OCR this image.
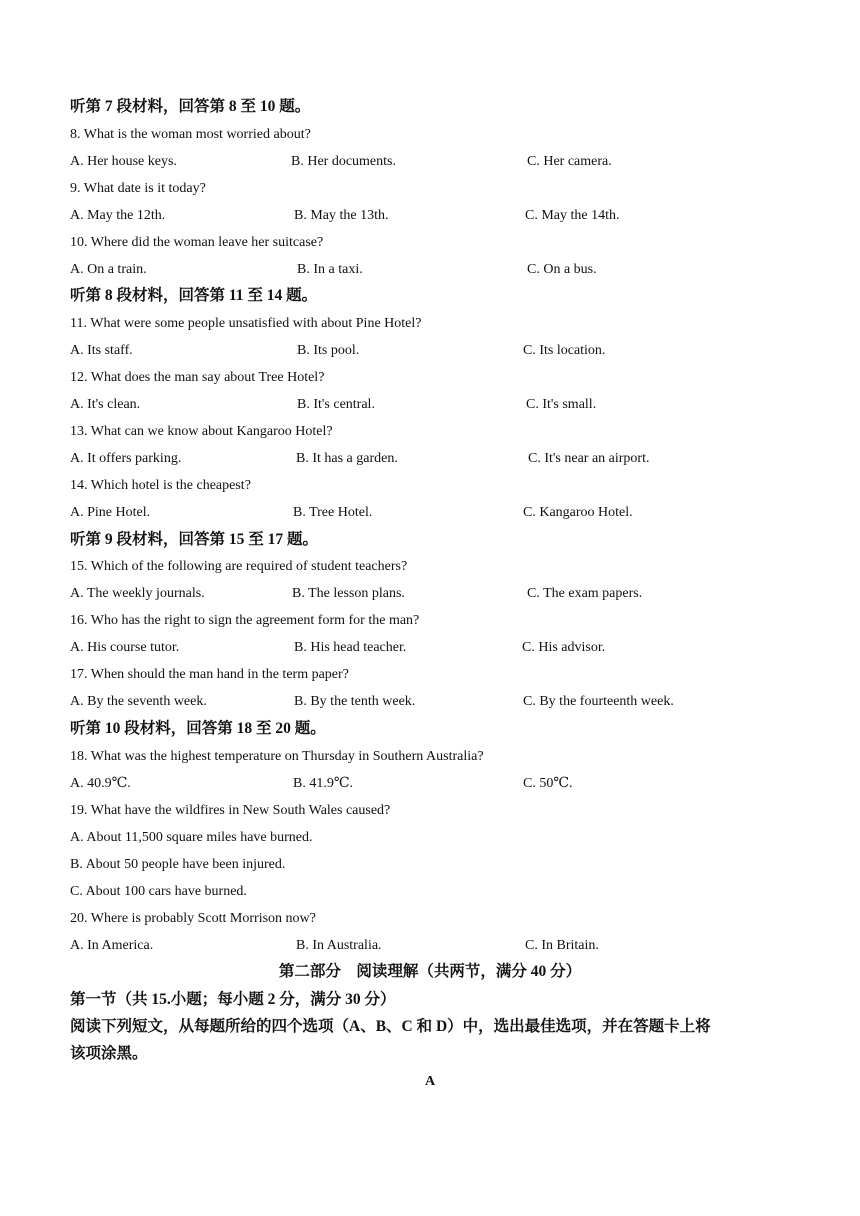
听第 7 段材料，回答第 8 至 10 题。
8. What is the woman most worried about?
A. Her house keys.	B. Her documents.	C. Her camera.
9. What date is it today?
A. May the 12th.	B. May the 13th.	C. May the 14th.
10. Where did the woman leave her suitcase?
A. On a train.	B. In a taxi.	C. On a bus.
听第 8 段材料，回答第 11 至 14 题。
11. What were some people unsatisfied with about Pine Hotel?
A. Its staff.	B. Its pool.	C. Its location.
12. What does the man say about Tree Hotel?
A. It's clean.	B. It's central.	C. It's small.
13. What can we know about Kangaroo Hotel?
A. It offers parking.	B. It has a garden.	C. It's near an airport.
14. Which hotel is the cheapest?
A. Pine Hotel.	B. Tree Hotel.	C. Kangaroo Hotel.
听第 9 段材料，回答第 15 至 17 题。
15. Which of the following are required of student teachers?
A. The weekly journals.	B. The lesson plans.	C. The exam papers.
16. Who has the right to sign the agreement form for the man?
A. His course tutor.	B. His head teacher.	C. His advisor.
17. When should the man hand in the term paper?
A. By the seventh week.	B. By the tenth week.	C. By the fourteenth week.
听第 10 段材料，回答第 18 至 20 题。
18. What was the highest temperature on Thursday in Southern Australia?
A. 40.9℃.	B. 41.9℃.	C. 50℃.
19. What have the wildfires in New South Wales caused?
A. About 11,500 square miles have burned.
B. About 50 people have been injured.
C. About 100 cars have burned.
20. Where is probably Scott Morrison now?
A. In America.	B. In Australia.	C. In Britain.
第二部分　阅读理解（共两节，满分 40 分）
第一节（共 15.小题；每小题 2 分，满分 30 分）
阅读下列短文，从每题所给的四个选项（A、B、C 和 D）中，选出最佳选项，并在答题卡上将
该项涂黑。
A
